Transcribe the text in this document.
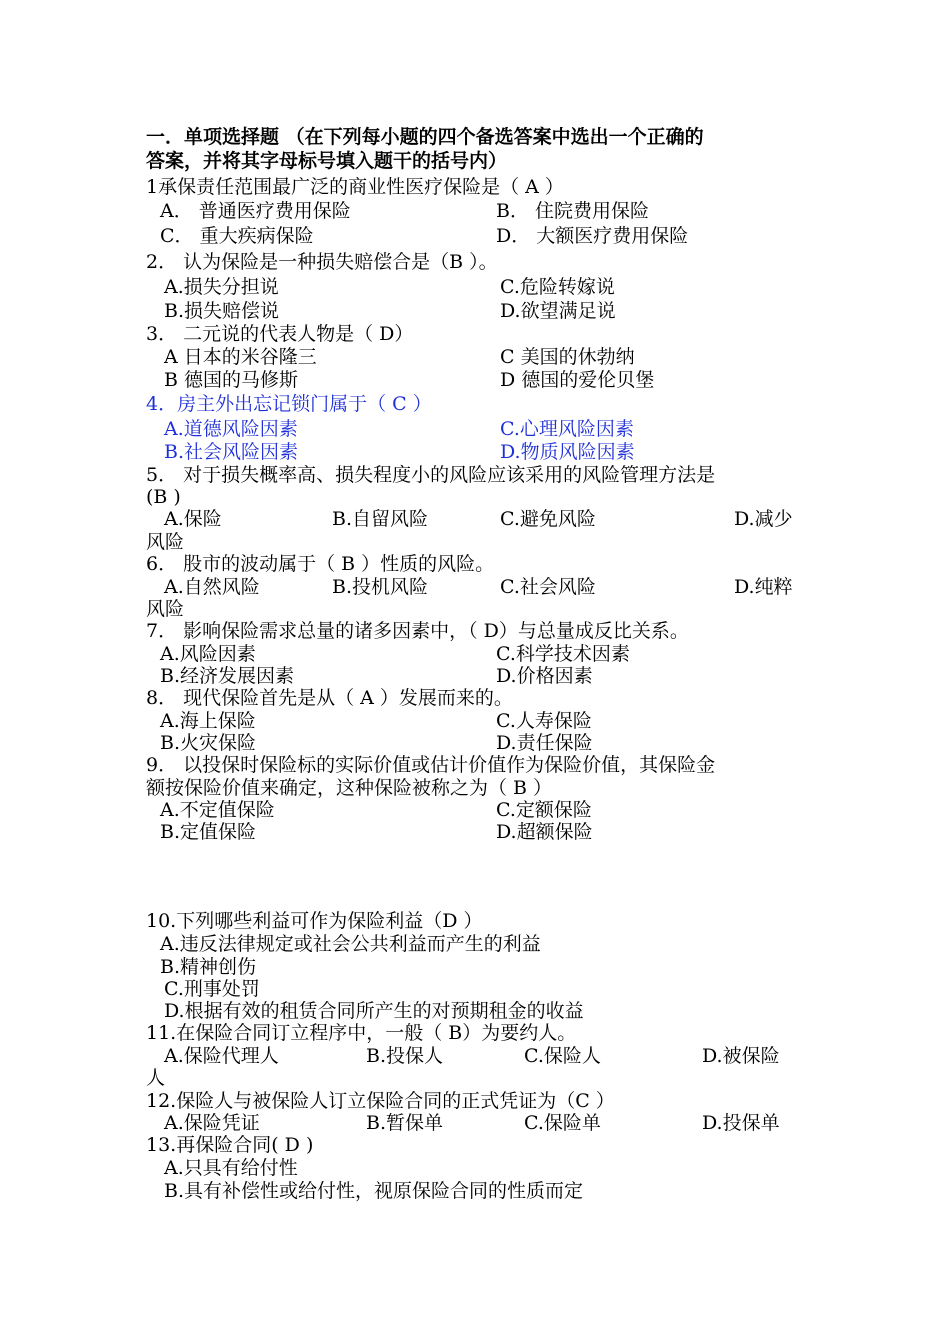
一．单项选择题 （在下列每小题的四个备选答案中选出一个正确的
答案，并将其字母标号填入题干的括号内）
1承保责任范围最广泛的商业性医疗保险是（ A ）
A． 普通医疗费用保险	B． 住院费用保险
C． 重大疾病保险	D． 大额医疗费用保险
2． 认为保险是一种损失赔偿合是（B ）。
A.损失分担说	C.危险转嫁说
B.损失赔偿说	D.欲望满足说
3． 二元说的代表人物是（ D）
A 日本的米谷隆三	C 美国的休勃纳
B 德国的马修斯	D 德国的爱伦贝堡
4．房主外出忘记锁门属于（ C ）
A.道德风险因素	C.心理风险因素
B.社会风险因素	D.物质风险因素
5． 对于损失概率高、损失程度小的风险应该采用的风险管理方法是
(B )
A.保险	B.自留风险	C.避免风险	D.减少
风险
6． 股市的波动属于（ B ）性质的风险。
A.自然风险	B.投机风险	C.社会风险	D.纯粹
风险
7． 影响保险需求总量的诸多因素中，（ D）与总量成反比关系。
A.风险因素	C.科学技术因素
B.经济发展因素	D.价格因素
8． 现代保险首先是从（ A ）发展而来的。
A.海上保险	C.人寿保险
B.火灾保险	D.责任保险
9． 以投保时保险标的实际价值或估计价值作为保险价值，其保险金
额按保险价值来确定，这种保险被称之为（ B ）
A.不定值保险	C.定额保险
B.定值保险	D.超额保险
10.下列哪些利益可作为保险利益（D ）
A.违反法律规定或社会公共利益而产生的利益
B.精神创伤
C.刑事处罚
D.根据有效的租赁合同所产生的对预期租金的收益
11.在保险合同订立程序中，一般（ B）为要约人。
A.保险代理人	B.投保人	C.保险人	D.被保险
人
12.保险人与被保险人订立保险合同的正式凭证为（C ）
A.保险凭证	B.暂保单	C.保险单	D.投保单
13.再保险合同( D )
A.只具有给付性
B.具有补偿性或给付性，视原保险合同的性质而定
